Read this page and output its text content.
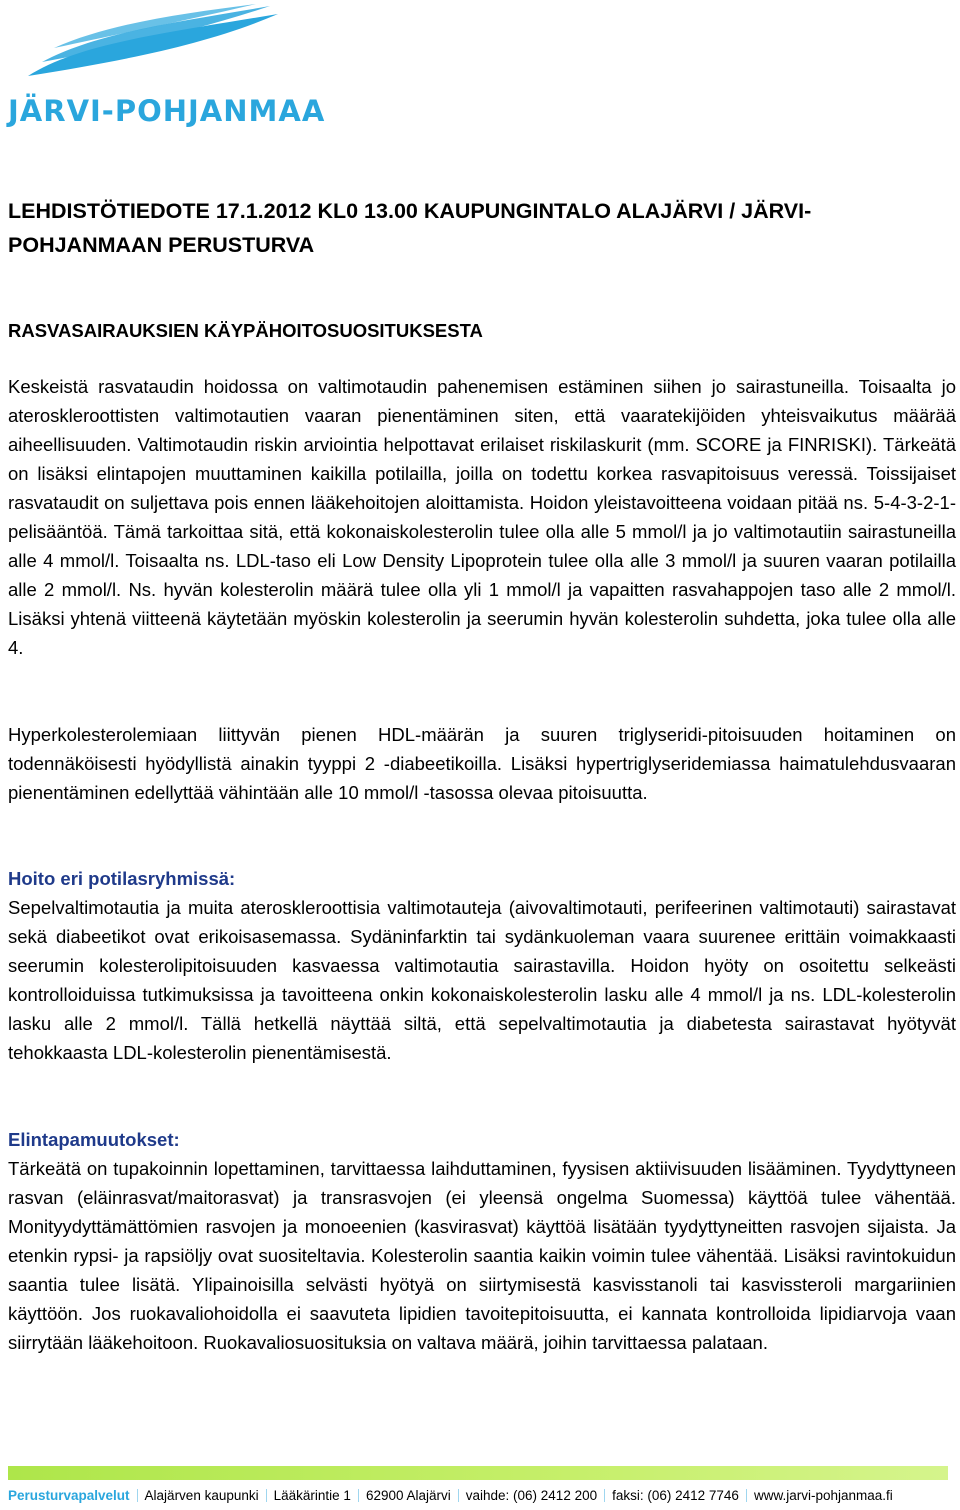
JÄRVI-POHJANMAA
LEHDISTÖTIEDOTE 17.1.2012 KL0 13.00 KAUPUNGINTALO ALAJÄRVI / JÄRVI-POHJANMAAN PERUSTURVA
RASVASAIRAUKSIEN KÄYPÄHOITOSUOSITUKSESTA

Keskeistä rasvataudin hoidossa on valtimotaudin pahenemisen estäminen siihen jo sairastuneilla. Toisaalta jo ateroskleroottisten valtimotautien vaaran pienentäminen siten, että vaaratekijöiden yhteisvaikutus määrää aiheellisuuden. Valtimotaudin riskin arviointia helpottavat erilaiset riskilaskurit (mm. SCORE ja FINRISKI). Tärkeätä on lisäksi elintapojen muuttaminen kaikilla potilailla, joilla on todettu korkea rasvapitoisuus veressä. Toissijaiset rasvataudit on suljettava pois ennen lääkehoitojen aloittamista. Hoidon yleistavoitteena voidaan pitää ns. 5-4-3-2-1-pelisääntöä. Tämä tarkoittaa sitä, että kokonaiskolesterolin tulee olla alle 5 mmol/l ja jo valtimotautiin sairastuneilla alle 4 mmol/l. Toisaalta ns. LDL-taso eli Low Density Lipoprotein tulee olla alle 3 mmol/l ja suuren vaaran potilailla alle 2 mmol/l. Ns. hyvän kolesterolin määrä tulee olla yli 1 mmol/l ja vapaitten rasvahappojen taso alle 2 mmol/l. Lisäksi yhtenä viitteenä käytetään myöskin kolesterolin ja seerumin hyvän kolesterolin suhdetta, joka tulee olla alle 4.

Hyperkolesterolemiaan liittyvän pienen HDL-määrän ja suuren triglyseridi-pitoisuuden hoitaminen on todennäköisesti hyödyllistä ainakin tyyppi 2 -diabeetikoilla. Lisäksi hypertriglyseridemiassa haimatulehdusvaaran pienentäminen edellyttää vähintään alle 10 mmol/l -tasossa olevaa pitoisuutta.

Hoito eri potilasryhmissä:

Sepelvaltimotautia ja muita ateroskleroottisia valtimotauteja (aivovaltimotauti, perifeerinen valtimotauti) sairastavat sekä diabeetikot ovat erikoisasemassa. Sydäninfarktin tai sydänkuoleman vaara suurenee erittäin voimakkaasti seerumin kolesterolipitoisuuden kasvaessa valtimotautia sairastavilla. Hoidon hyöty on osoitettu selkeästi kontrolloiduissa tutkimuksissa ja tavoitteena onkin kokonaiskolesterolin lasku alle 4 mmol/l ja ns. LDL-kolesterolin lasku alle 2 mmol/l. Tällä hetkellä näyttää siltä, että sepelvaltimotautia ja diabetesta sairastavat hyötyvät tehokkaasta LDL-kolesterolin pienentämisestä.

Elintapamuutokset:

Tärkeätä on tupakoinnin lopettaminen, tarvittaessa laihduttaminen, fyysisen aktiivisuuden lisääminen. Tyydyttyneen rasvan (eläinrasvat/maitorasvat) ja transrasvojen (ei yleensä ongelma Suomessa) käyttöä tulee vähentää. Monityydyttämättömien rasvojen ja monoeenien (kasvirasvat) käyttöä lisätään tyydyttyneitten rasvojen sijaista. Ja etenkin rypsi- ja rapsiöljy ovat suositeltavia. Kolesterolin saantia kaikin voimin tulee vähentää. Lisäksi ravintokuidun saantia tulee lisätä. Ylipainoisilla selvästi hyötyä on siirtymisestä kasvisstanoli tai kasvissteroli margariinien käyttöön. Jos ruokavaliohoidolla ei saavuteta lipidien tavoitepitoisuutta, ei kannata kontrolloida lipidiarvoja vaan siirrytään lääkehoitoon. Ruokavaliosuosituksia on valtava määrä, joihin tarvittaessa palataan.

Perusturvapalvelut Alajärven kaupunki Lääkärintie 1 62900 Alajärvi vaihde: (06) 2412 200 faksi: (06) 2412 7746 www.jarvi-pohjanmaa.fi
